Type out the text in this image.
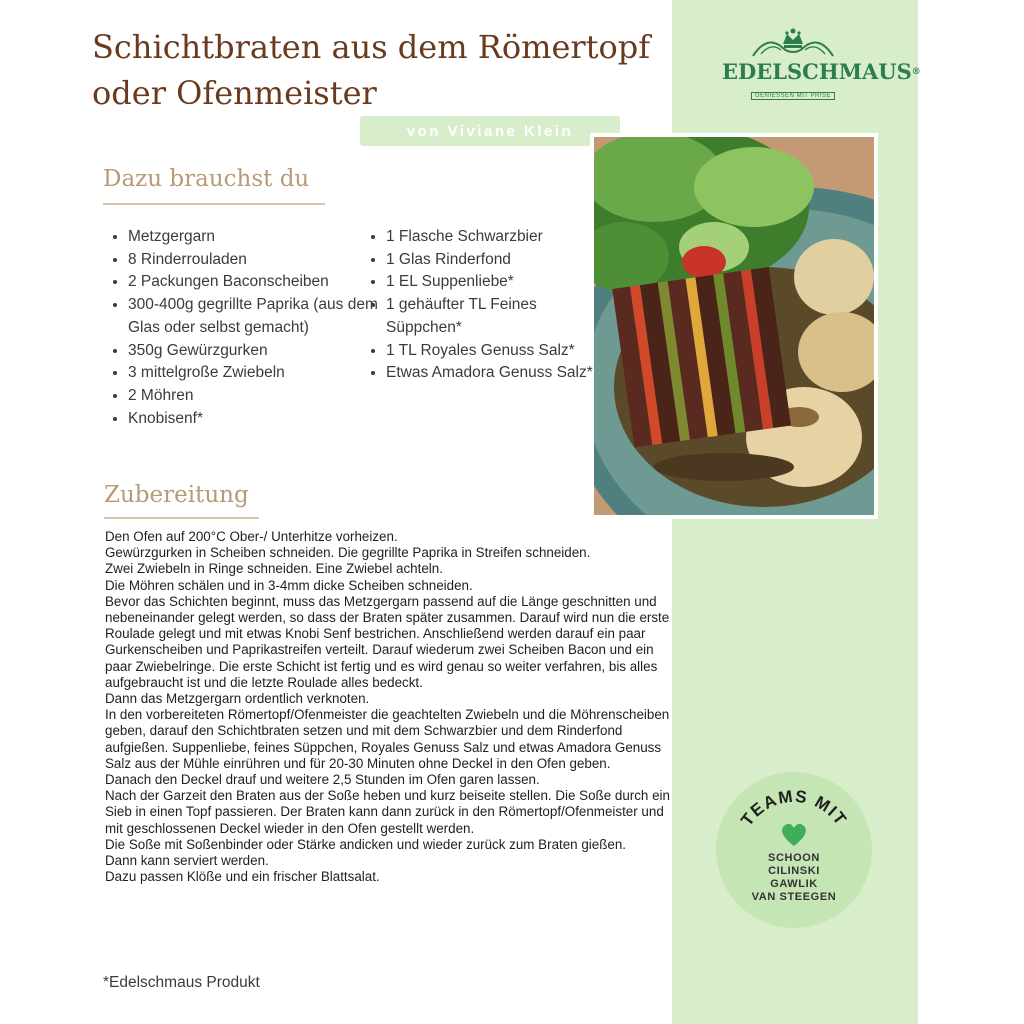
Schichtbraten aus dem Römertopf
oder Ofenmeister
von Viviane Klein
EDELSCHMAUS®
GENIESSEN MIT PRISE
Dazu brauchst du
• Metzgergarn
• 8 Rinderrouladen
• 2 Packungen Baconscheiben
• 300-400g gegrillte Paprika (aus dem Glas oder selbst gemacht)
• 350g Gewürzgurken
• 3 mittelgroße Zwiebeln
• 2 Möhren
• Knobisenf*
• 1 Flasche Schwarzbier
• 1 Glas Rinderfond
• 1 EL Suppenliebe*
• 1 gehäufter TL Feines Süppchen*
• 1 TL Royales Genuss Salz*
• Etwas Amadora Genuss Salz*
Zubereitung
Den Ofen auf 200°C Ober-/ Unterhitze vorheizen.
Gewürzgurken in Scheiben schneiden. Die gegrillte Paprika in Streifen schneiden.
Zwei Zwiebeln in Ringe schneiden. Eine Zwiebel achteln.
Die Möhren schälen und in 3-4mm dicke Scheiben schneiden.
Bevor das Schichten beginnt, muss das Metzgergarn passend auf die Länge geschnitten und nebeneinander gelegt werden, so dass der Braten später zusammen. Darauf wird nun die erste Roulade gelegt und mit etwas Knobi Senf bestrichen. Anschließend werden darauf ein paar Gurkenscheiben und Paprikastreifen verteilt. Darauf wiederum zwei Scheiben Bacon und ein paar Zwiebelringe. Die erste Schicht ist fertig und es wird genau so weiter verfahren, bis alles aufgebraucht ist und die letzte Roulade alles bedeckt.
Dann das Metzgergarn ordentlich verknoten.
In den vorbereiteten Römertopf/Ofenmeister die geachtelten Zwiebeln und die Möhrenscheiben geben, darauf den Schichtbraten setzen und mit dem Schwarzbier und dem Rinderfond aufgießen. Suppenliebe, feines Süppchen, Royales Genuss Salz und etwas Amadora Genuss Salz aus der Mühle einrühren und für 20-30 Minuten ohne Deckel in den Ofen geben.
Danach den Deckel drauf und weitere 2,5 Stunden im Ofen garen lassen.
Nach der Garzeit den Braten aus der Soße heben und kurz beiseite stellen. Die Soße durch ein Sieb in einen Topf passieren. Der Braten kann dann zurück in den Römertopf/Ofenmeister und mit geschlossenen Deckel wieder in den Ofen gestellt werden.
Die Soße mit Soßenbinder oder Stärke andicken und wieder zurück zum Braten gießen.
Dann kann serviert werden.
Dazu passen Klöße und ein frischer Blattsalat.
*Edelschmaus Produkt
TEAMS MIT
SCHOON
CILINSKI
GAWLIK
VAN STEEGEN
